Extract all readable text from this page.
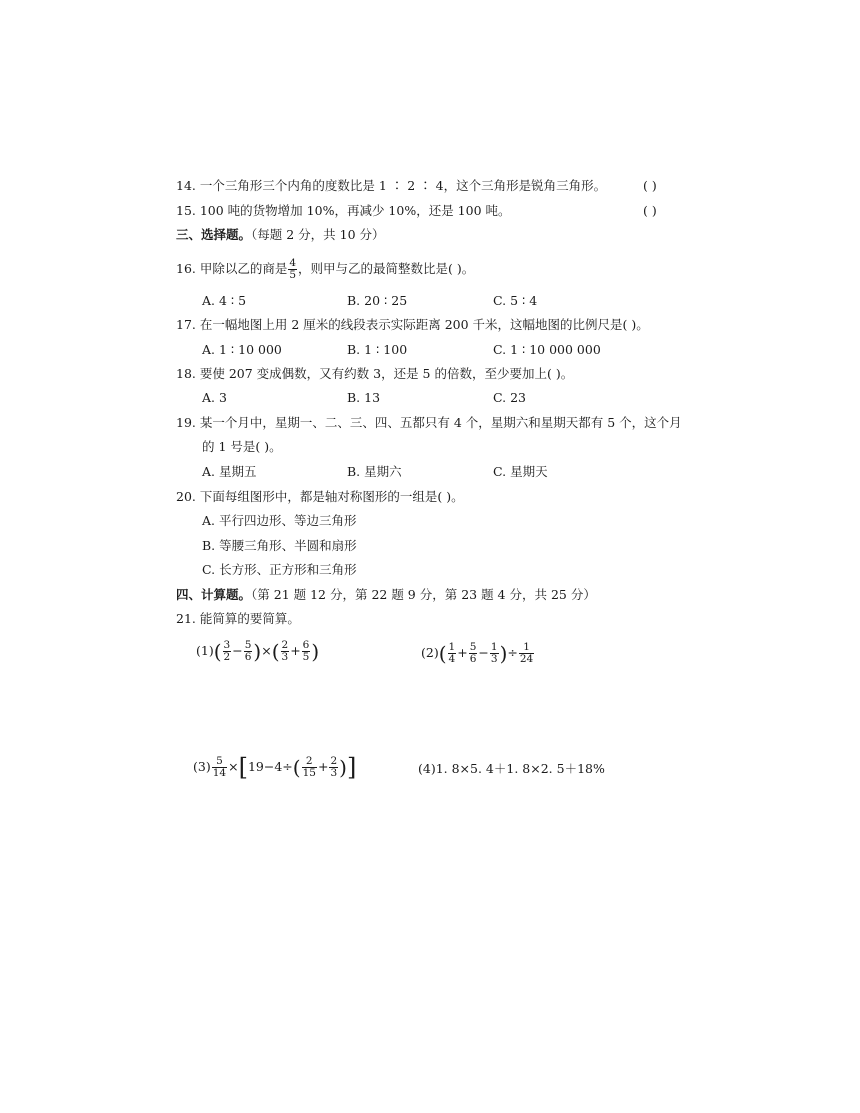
14. 一个三角形三个内角的度数比是 1 ∶ 2 ∶ 4，这个三角形是锐角三角形。	( )
15. 100 吨的货物增加 10%，再减少 10%，还是 100 吨。	( )
三、选择题。（每题 2 分，共 10 分）
16. 甲除以乙的商是 $\frac{4}{5}$ ，则甲与乙的最简整数比是( )。
A. 4 ∶ 5	B. 20 ∶ 25	C. 5 ∶ 4
17. 在一幅地图上用 2 厘米的线段表示实际距离 200 千米，这幅地图的比例尺是( )。
A. 1 ∶ 10 000	B. 1 ∶ 100	C. 1 ∶ 10 000 000
18. 要使 207 变成偶数，又有约数 3，还是 5 的倍数，至少要加上( )。
A. 3	B. 13	C. 23
19. 某一个月中，星期一、二、三、四、五都只有 4 个，星期六和星期天都有 5 个，这个月
的 1 号是( )。
A. 星期五	B. 星期六	C. 星期天
20. 下面每组图形中，都是轴对称图形的一组是( )。
A. 平行四边形、等边三角形
B. 等腰三角形、半圆和扇形
C. 长方形、正方形和三角形
四、计算题。（第 21 题 12 分，第 22 题 9 分，第 23 题 4 分，共 25 分）
21. 能简算的要简算。
$(1)( \frac{3}{2} - \frac{5}{6}$ )×( $\frac{2}{3} + \frac{6}{5}$ )	$(2)( \frac{1}{4} + \frac{5}{6} - \frac{1}{3}$ )÷ $\frac{1}{24}$
$(3) \frac{5}{14} \times[19-4\div( \frac{2}{15} + \frac{2}{3}$ )]	(4)1. 8×5. 4＋1. 8×2. 5＋18%
